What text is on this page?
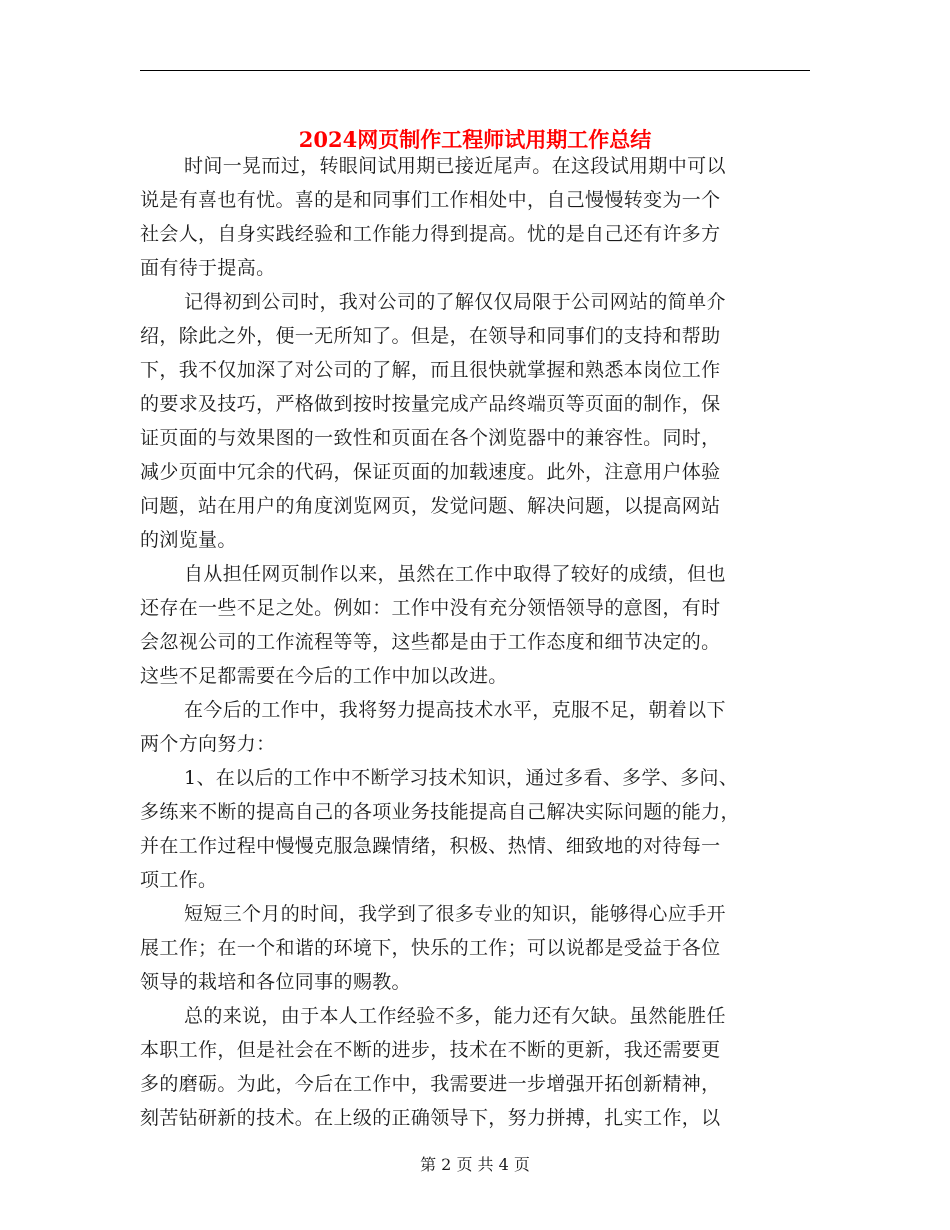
2024网页制作工程师试用期工作总结

时间一晃而过，转眼间试用期已接近尾声。在这段试用期中可以
说是有喜也有忧。喜的是和同事们工作相处中，自己慢慢转变为一个
社会人，自身实践经验和工作能力得到提高。忧的是自己还有许多方
面有待于提高。

记得初到公司时，我对公司的了解仅仅局限于公司网站的简单介
绍，除此之外，便一无所知了。但是，在领导和同事们的支持和帮助
下，我不仅加深了对公司的了解，而且很快就掌握和熟悉本岗位工作
的要求及技巧，严格做到按时按量完成产品终端页等页面的制作，保
证页面的与效果图的一致性和页面在各个浏览器中的兼容性。同时，
减少页面中冗余的代码，保证页面的加载速度。此外，注意用户体验
问题，站在用户的角度浏览网页，发觉问题、解决问题，以提高网站
的浏览量。

自从担任网页制作以来，虽然在工作中取得了较好的成绩，但也
还存在一些不足之处。例如：工作中没有充分领悟领导的意图，有时
会忽视公司的工作流程等等，这些都是由于工作态度和细节决定的。
这些不足都需要在今后的工作中加以改进。

在今后的工作中，我将努力提高技术水平，克服不足，朝着以下
两个方向努力：

1、在以后的工作中不断学习技术知识，通过多看、多学、多问、
多练来不断的提高自己的各项业务技能提高自己解决实际问题的能力，
并在工作过程中慢慢克服急躁情绪，积极、热情、细致地的对待每一
项工作。

短短三个月的时间，我学到了很多专业的知识，能够得心应手开
展工作；在一个和谐的环境下，快乐的工作；可以说都是受益于各位
领导的栽培和各位同事的赐教。

总的来说，由于本人工作经验不多，能力还有欠缺。虽然能胜任
本职工作，但是社会在不断的进步，技术在不断的更新，我还需要更
多的磨砺。为此，今后在工作中，我需要进一步增强开拓创新精神，
刻苦钻研新的技术。在上级的正确领导下，努力拼搏，扎实工作，以

第 2 页 共 4 页
